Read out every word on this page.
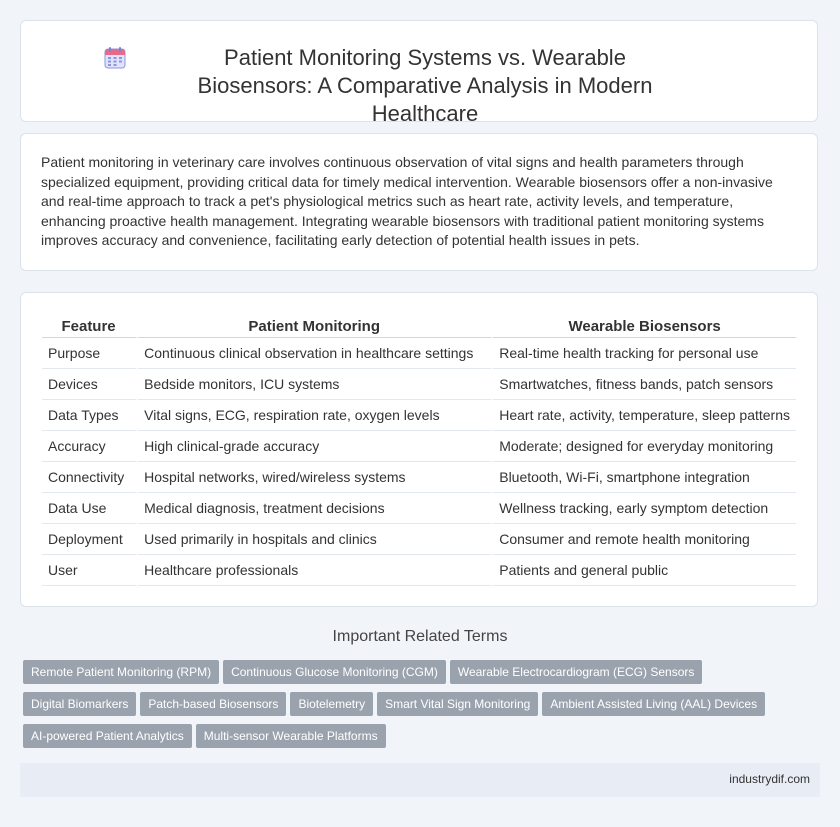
Patient Monitoring Systems vs. Wearable Biosensors: A Comparative Analysis in Modern Healthcare

Patient monitoring in veterinary care involves continuous observation of vital signs and health parameters through specialized equipment, providing critical data for timely medical intervention. Wearable biosensors offer a non-invasive and real-time approach to track a pet's physiological metrics such as heart rate, activity levels, and temperature, enhancing proactive health management. Integrating wearable biosensors with traditional patient monitoring systems improves accuracy and convenience, facilitating early detection of potential health issues in pets.

Feature	Patient Monitoring	Wearable Biosensors
Purpose	Continuous clinical observation in healthcare settings	Real-time health tracking for personal use
Devices	Bedside monitors, ICU systems	Smartwatches, fitness bands, patch sensors
Data Types	Vital signs, ECG, respiration rate, oxygen levels	Heart rate, activity, temperature, sleep patterns
Accuracy	High clinical-grade accuracy	Moderate; designed for everyday monitoring
Connectivity	Hospital networks, wired/wireless systems	Bluetooth, Wi-Fi, smartphone integration
Data Use	Medical diagnosis, treatment decisions	Wellness tracking, early symptom detection
Deployment	Used primarily in hospitals and clinics	Consumer and remote health monitoring
User	Healthcare professionals	Patients and general public
Important Related Terms
Remote Patient Monitoring (RPM) Continuous Glucose Monitoring (CGM) Wearable Electrocardiogram (ECG) SensorsDigital Biomarkers Patch-based Biosensors Biotelemetry Smart Vital Sign Monitoring Ambient Assisted Living (AAL) DevicesAI-powered Patient Analytics Multi-sensor Wearable Platforms
industrydif.com
